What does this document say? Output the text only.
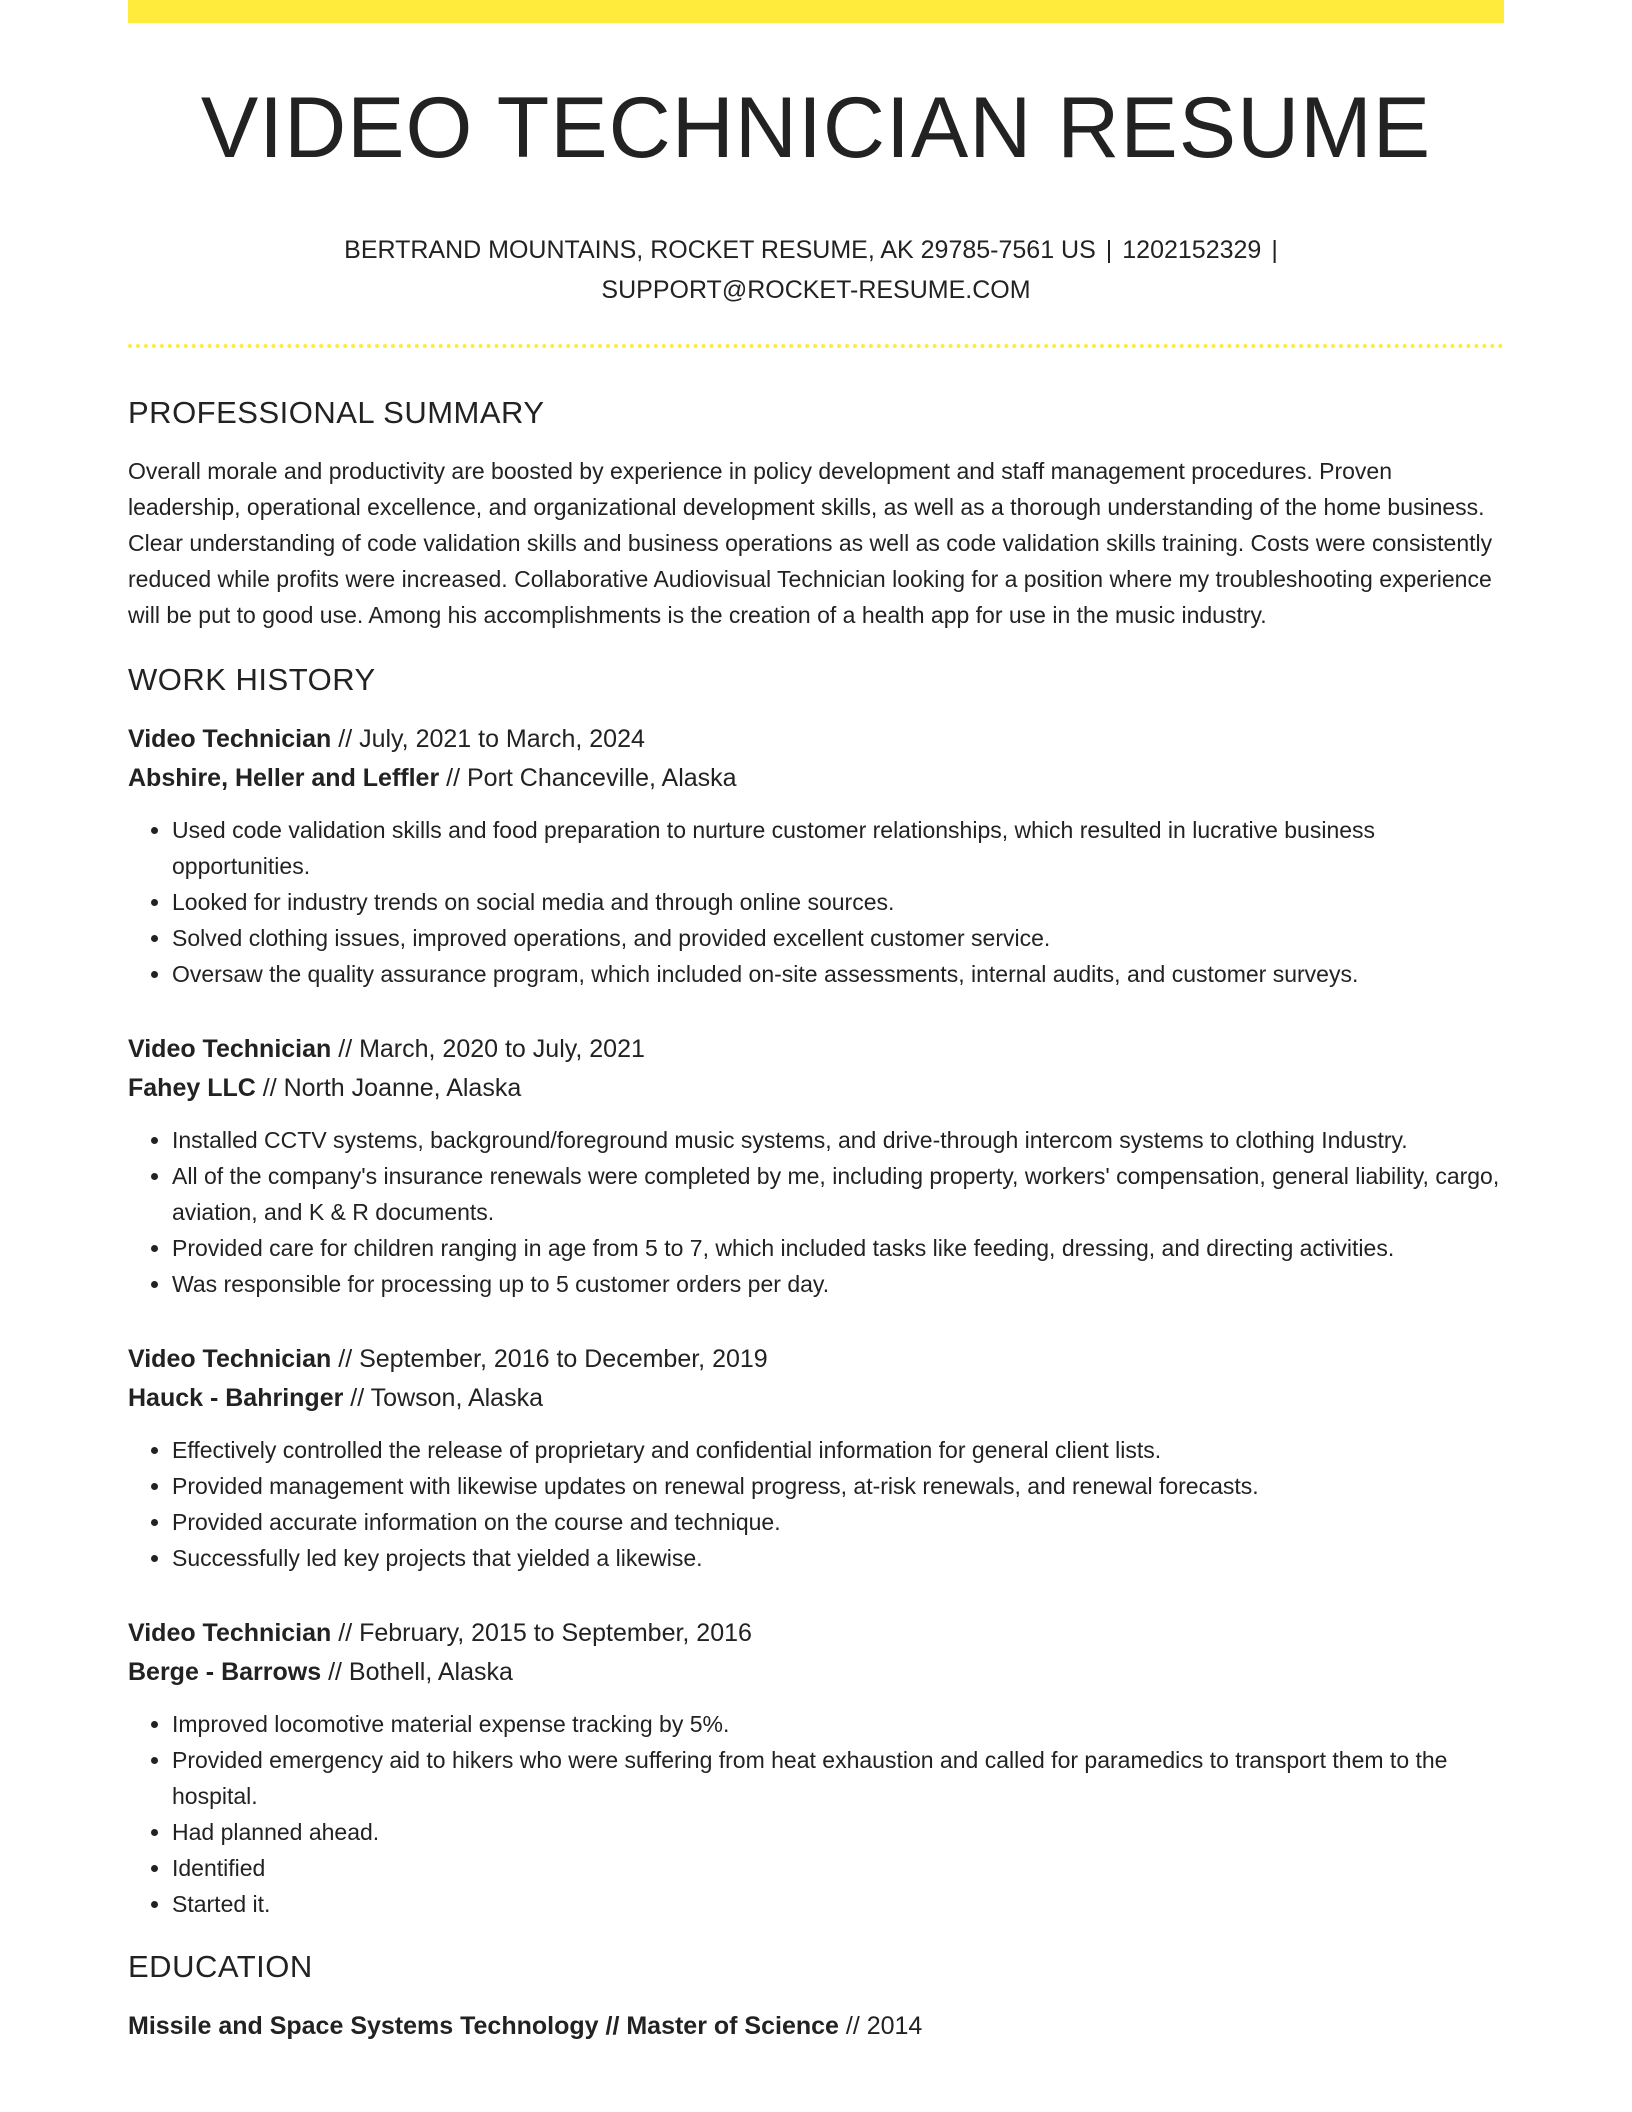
VIDEO TECHNICIAN RESUME
BERTRAND MOUNTAINS, ROCKET RESUME, AK 29785-7561 US | 1202152329 |
SUPPORT@ROCKET-RESUME.COM
PROFESSIONAL SUMMARY

Overall morale and productivity are boosted by experience in policy development and staff management procedures. Proven leadership, operational excellence, and organizational development skills, as well as a thorough understanding of the home business. Clear understanding of code validation skills and business operations as well as code validation skills training. Costs were consistently reduced while profits were increased. Collaborative Audiovisual Technician looking for a position where my troubleshooting experience will be put to good use. Among his accomplishments is the creation of a health app for use in the music industry.

WORK HISTORY
Video Technician // July, 2021 to March, 2024
Abshire, Heller and Leffler // Port Chanceville, Alaska
• Used code validation skills and food preparation to nurture customer relationships, which resulted in lucrative business opportunities.
• Looked for industry trends on social media and through online sources.
• Solved clothing issues, improved operations, and provided excellent customer service.
• Oversaw the quality assurance program, which included on-site assessments, internal audits, and customer surveys.
Video Technician // March, 2020 to July, 2021
Fahey LLC // North Joanne, Alaska
• Installed CCTV systems, background/foreground music systems, and drive-through intercom systems to clothing Industry.
• All of the company's insurance renewals were completed by me, including property, workers' compensation, general liability, cargo, aviation, and K & R documents.
• Provided care for children ranging in age from 5 to 7, which included tasks like feeding, dressing, and directing activities.
• Was responsible for processing up to 5 customer orders per day.
Video Technician // September, 2016 to December, 2019
Hauck - Bahringer // Towson, Alaska
• Effectively controlled the release of proprietary and confidential information for general client lists.
• Provided management with likewise updates on renewal progress, at-risk renewals, and renewal forecasts.
• Provided accurate information on the course and technique.
• Successfully led key projects that yielded a likewise.
Video Technician // February, 2015 to September, 2016
Berge - Barrows // Bothell, Alaska
• Improved locomotive material expense tracking by 5%.
• Provided emergency aid to hikers who were suffering from heat exhaustion and called for paramedics to transport them to the hospital.
• Had planned ahead.
• Identified
• Started it.
EDUCATION
Missile and Space Systems Technology // Master of Science // 2014
